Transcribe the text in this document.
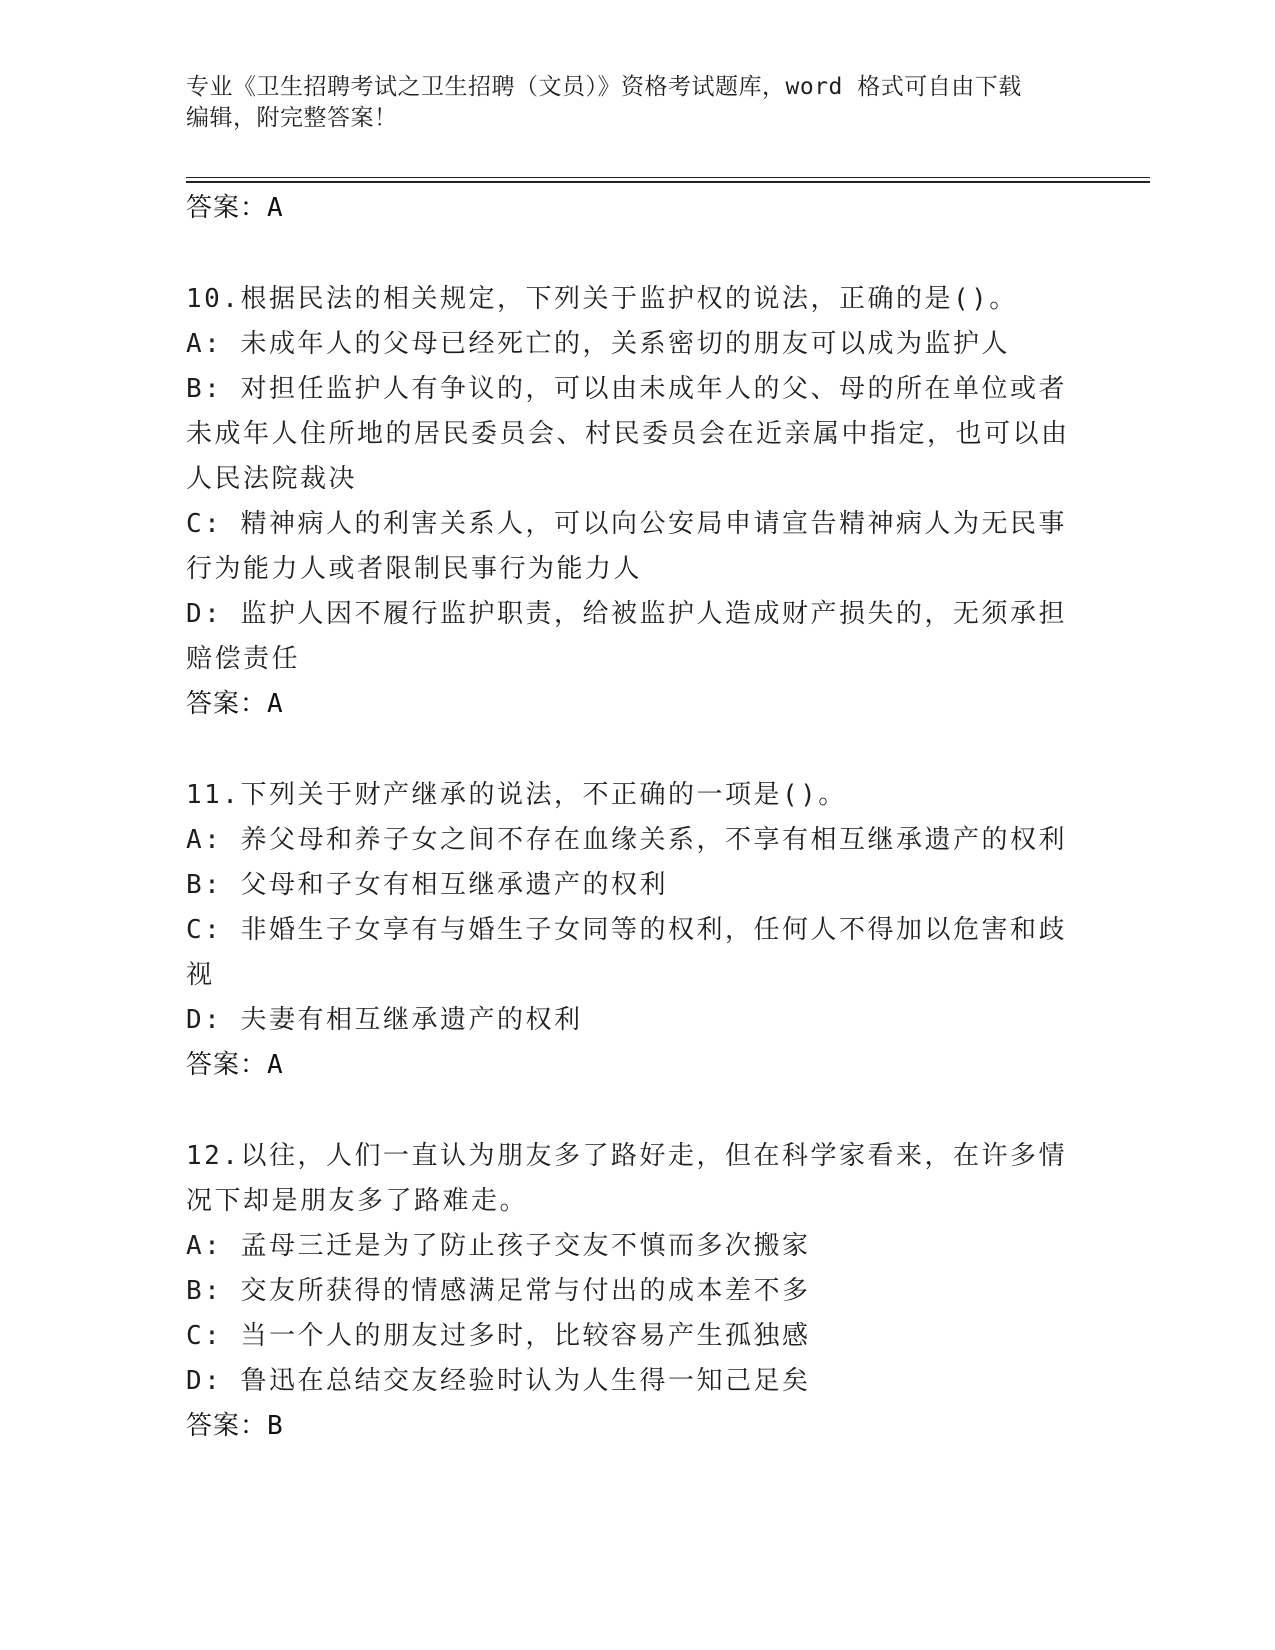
专业《卫生招聘考试之卫生招聘（文员）》资格考试题库，word 格式可自由下载
编辑，附完整答案！
答案：A
10.根据民法的相关规定，下列关于监护权的说法，正确的是()。
A: 未成年人的父母已经死亡的，关系密切的朋友可以成为监护人
B: 对担任监护人有争议的，可以由未成年人的父、母的所在单位或者未成年人住所地的居民委员会、村民委员会在近亲属中指定，也可以由人民法院裁决
C: 精神病人的利害关系人，可以向公安局申请宣告精神病人为无民事行为能力人或者限制民事行为能力人
D: 监护人因不履行监护职责，给被监护人造成财产损失的，无须承担赔偿责任
答案：A
11.下列关于财产继承的说法，不正确的一项是()。
A: 养父母和养子女之间不存在血缘关系，不享有相互继承遗产的权利
B: 父母和子女有相互继承遗产的权利
C: 非婚生子女享有与婚生子女同等的权利，任何人不得加以危害和歧视
D: 夫妻有相互继承遗产的权利
答案：A
12.以往，人们一直认为朋友多了路好走，但在科学家看来，在许多情况下却是朋友多了路难走。
A: 孟母三迁是为了防止孩子交友不慎而多次搬家
B: 交友所获得的情感满足常与付出的成本差不多
C: 当一个人的朋友过多时，比较容易产生孤独感
D: 鲁迅在总结交友经验时认为人生得一知己足矣
答案：B
